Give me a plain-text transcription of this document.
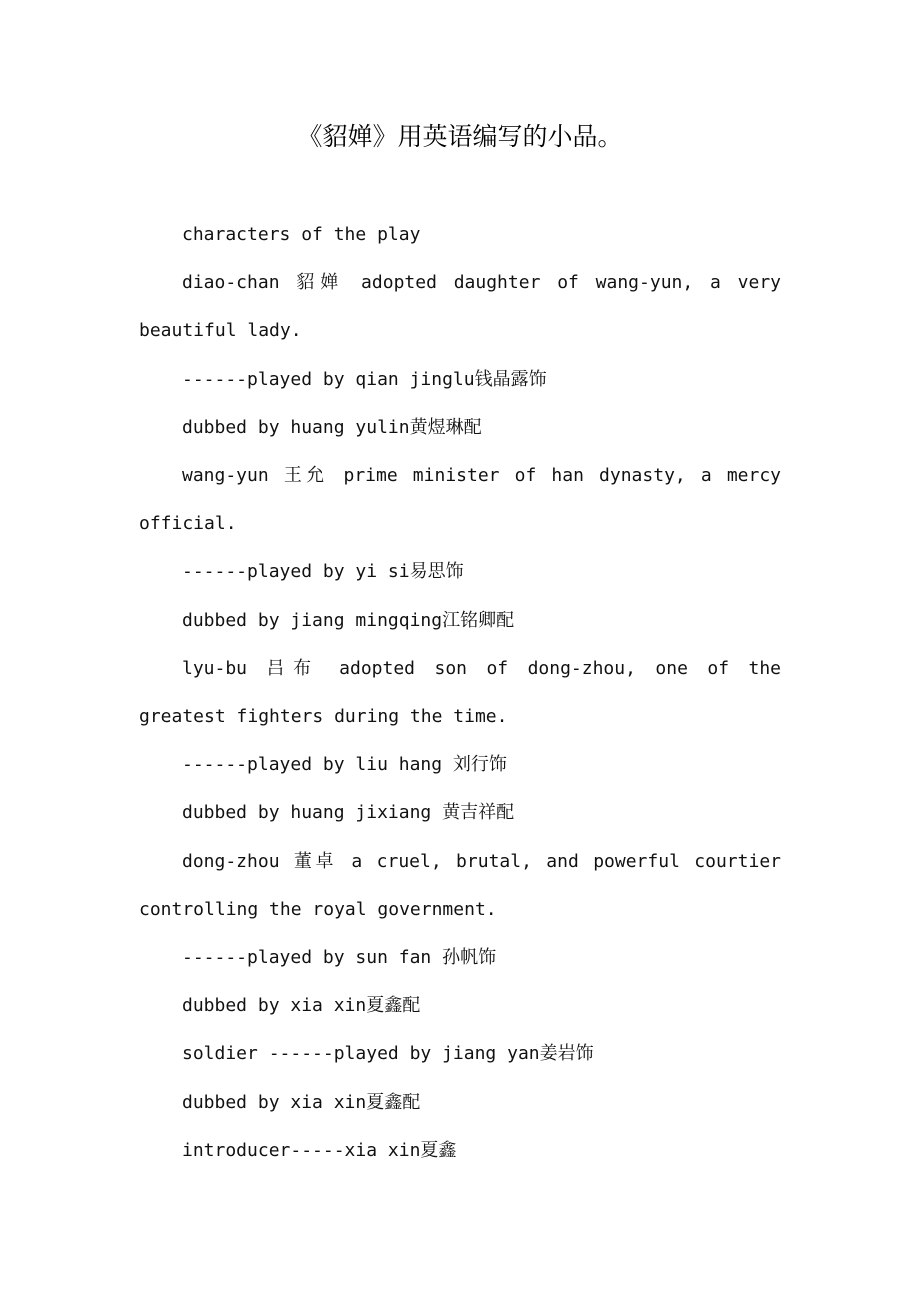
《貂婵》用英语编写的小品。

characters of the play

diao-chan 貂婵 adopted daughter of wang-yun, a very beautiful lady.

------played by qian jinglu钱晶露饰

dubbed by huang yulin黄煜琳配

wang-yun 王允 prime minister of han dynasty, a mercy official.

------played by yi si易思饰

dubbed by jiang mingqing江铭卿配

lyu-bu 吕布 adopted son of dong-zhou, one of the greatest fighters during the time.

------played by liu hang 刘行饰

dubbed by huang jixiang 黄吉祥配

dong-zhou 董卓 a cruel, brutal, and powerful courtier controlling the royal government.

------played by sun fan 孙帆饰

dubbed by xia xin夏鑫配

soldier ------played by jiang yan姜岩饰

dubbed by xia xin夏鑫配

introducer-----xia xin夏鑫
